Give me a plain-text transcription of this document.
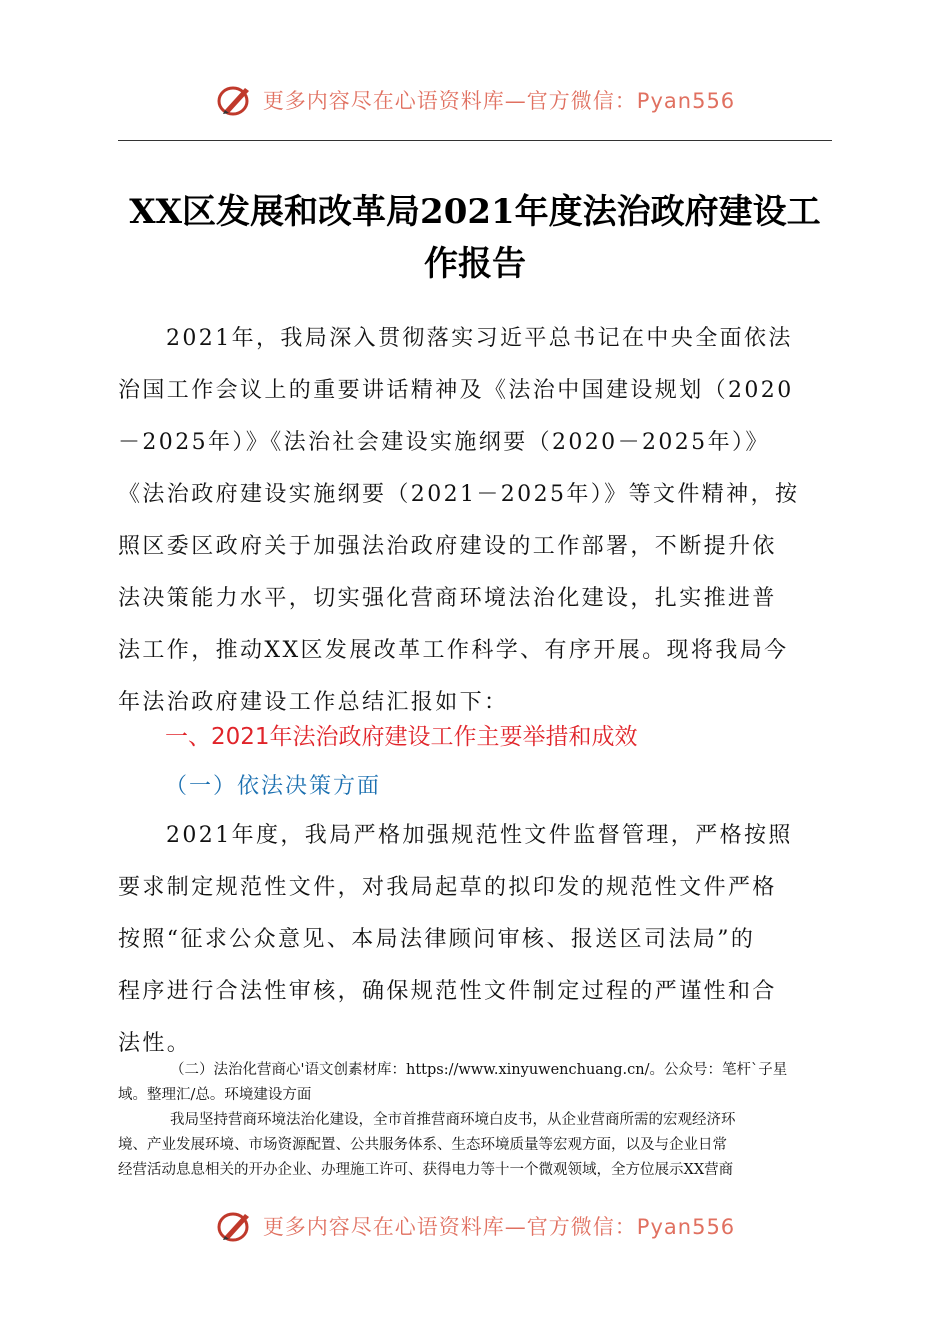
更多内容尽在心语资料库—官方微信：Pyan556
XX区发展和改革局2021年度法治政府建设工
作报告
2021年，我局深入贯彻落实习近平总书记在中央全面依法
治国工作会议上的重要讲话精神及《法治中国建设规划（2020
－2025年）》《法治社会建设实施纲要（2020－2025年）》
《法治政府建设实施纲要（2021－2025年）》等文件精神，按
照区委区政府关于加强法治政府建设的工作部署，不断提升依
法决策能力水平，切实强化营商环境法治化建设，扎实推进普
法工作，推动XX区发展改革工作科学、有序开展。现将我局今
年法治政府建设工作总结汇报如下：
一、2021年法治政府建设工作主要举措和成效
（一）依法决策方面
2021年度，我局严格加强规范性文件监督管理，严格按照
要求制定规范性文件，对我局起草的拟印发的规范性文件严格
按照“征求公众意见、本局法律顾问审核、报送区司法局”的
程序进行合法性审核，确保规范性文件制定过程的严谨性和合
法性。
（二）法治化营商心'语文创素材库：https://www.xinyuwenchuang.cn/。公众号：笔杆`子星
域。整理汇/总。环境建设方面
我局坚持营商环境法治化建设，全市首推营商环境白皮书，从企业营商所需的宏观经济环
境、产业发展环境、市场资源配置、公共服务体系、生态环境质量等宏观方面，以及与企业日常
经营活动息息相关的开办企业、办理施工许可、获得电力等十一个微观领域，全方位展示XX营商
更多内容尽在心语资料库—官方微信：Pyan556
